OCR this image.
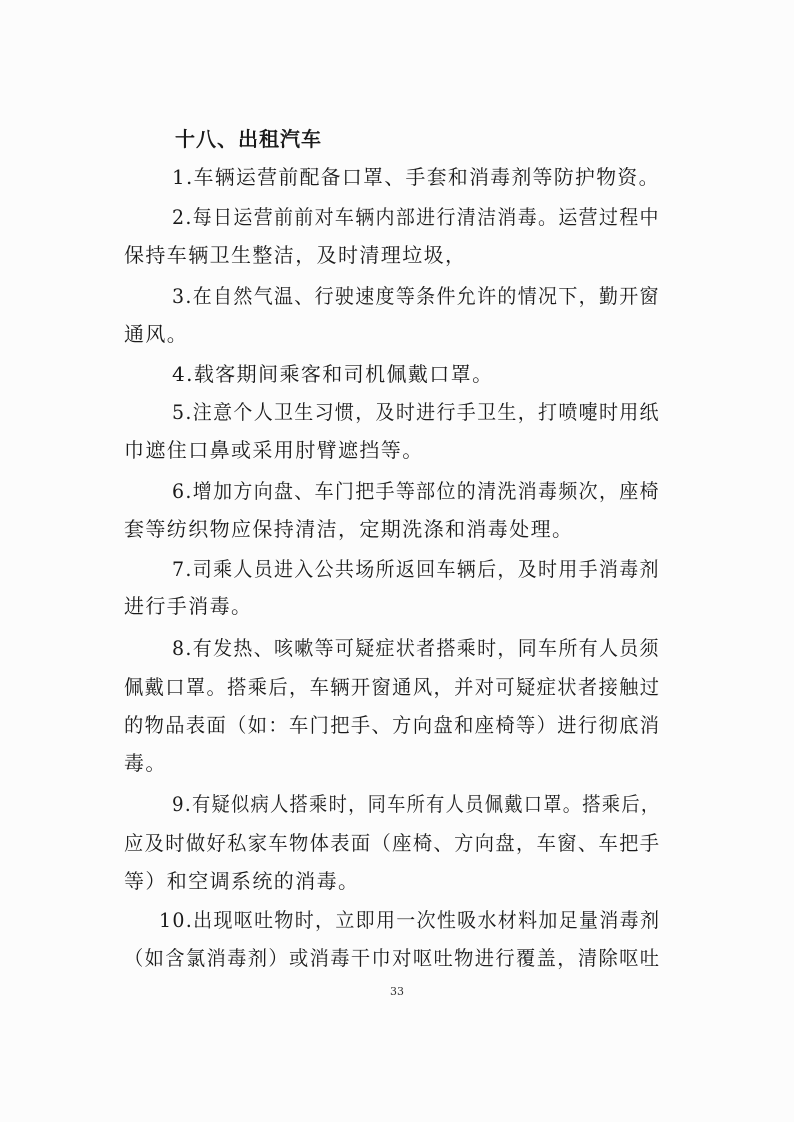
十八、出租汽车
1.车辆运营前配备口罩、手套和消毒剂等防护物资。
2.每日运营前前对车辆内部进行清洁消毒。运营过程中
保持车辆卫生整洁，及时清理垃圾，
3.在自然气温、行驶速度等条件允许的情况下，勤开窗
通风。
4.载客期间乘客和司机佩戴口罩。
5.注意个人卫生习惯，及时进行手卫生，打喷嚏时用纸
巾遮住口鼻或采用肘臂遮挡等。
6.增加方向盘、车门把手等部位的清洗消毒频次，座椅
套等纺织物应保持清洁，定期洗涤和消毒处理。
7.司乘人员进入公共场所返回车辆后，及时用手消毒剂
进行手消毒。
8.有发热、咳嗽等可疑症状者搭乘时，同车所有人员须
佩戴口罩。搭乘后，车辆开窗通风，并对可疑症状者接触过
的物品表面（如：车门把手、方向盘和座椅等）进行彻底消
毒。
9.有疑似病人搭乘时，同车所有人员佩戴口罩。搭乘后，
应及时做好私家车物体表面（座椅、方向盘，车窗、车把手
等）和空调系统的消毒。
10.出现呕吐物时，立即用一次性吸水材料加足量消毒剂
（如含氯消毒剂）或消毒干巾对呕吐物进行覆盖，清除呕吐
33
